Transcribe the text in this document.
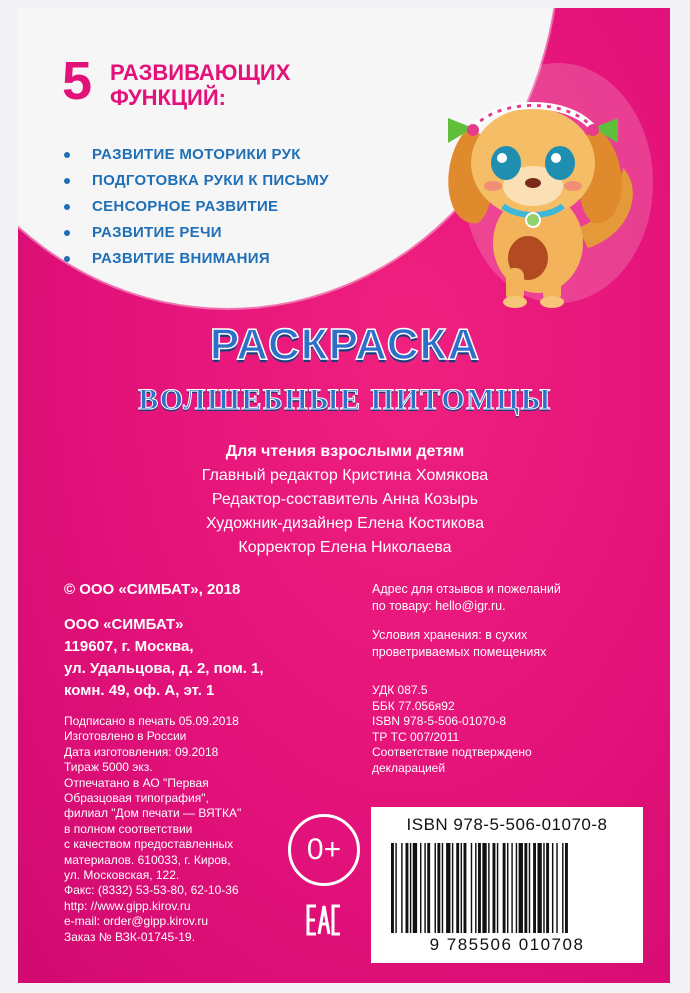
5 РАЗВИВАЮЩИХ
ФУНКЦИЙ:
РАЗВИТИЕ МОТОРИКИ РУК
ПОДГОТОВКА РУКИ К ПИСЬМУ
СЕНСОРНОЕ РАЗВИТИЕ
РАЗВИТИЕ РЕЧИ
РАЗВИТИЕ ВНИМАНИЯ
РАСКРАСКА
ВОЛШЕБНЫЕ ПИТОМЦЫ
Для чтения взрослыми детям
Главный редактор Кристина Хомякова
Редактор-составитель Анна Козырь
Художник-дизайнер Елена Костикова
Корректор Елена Николаева
© ООО «СИМБАТ», 2018
ООО «СИМБАТ»
119607, г. Москва,
ул. Удальцова, д. 2, пом. 1,
комн. 49, оф. А, эт. 1
Подписано в печать 05.09.2018
Изготовлено в России
Дата изготовления: 09.2018
Тираж 5000 экз.
Отпечатано в АО "Первая
Образцовая типография",
филиал "Дом печати — ВЯТКА"
в полном соответствии
с качеством предоставленных
материалов. 610033, г. Киров,
ул. Московская, 122.
Факс: (8332) 53-53-80, 62-10-36
http: //www.gipp.kirov.ru
e-mail: order@gipp.kirov.ru
Заказ № ВЗК-01745-19.
Адрес для отзывов и пожеланий
по товару: hello@igr.ru.
Условия хранения: в сухих
проветриваемых помещениях
УДК 087.5
ББК 77.056я92
ISBN 978-5-506-01070-8
ТР ТС 007/2011
Соответствие подтверждено
декларацией
0+
ISBN 978-5-506-01070-8
9 785506 010708
